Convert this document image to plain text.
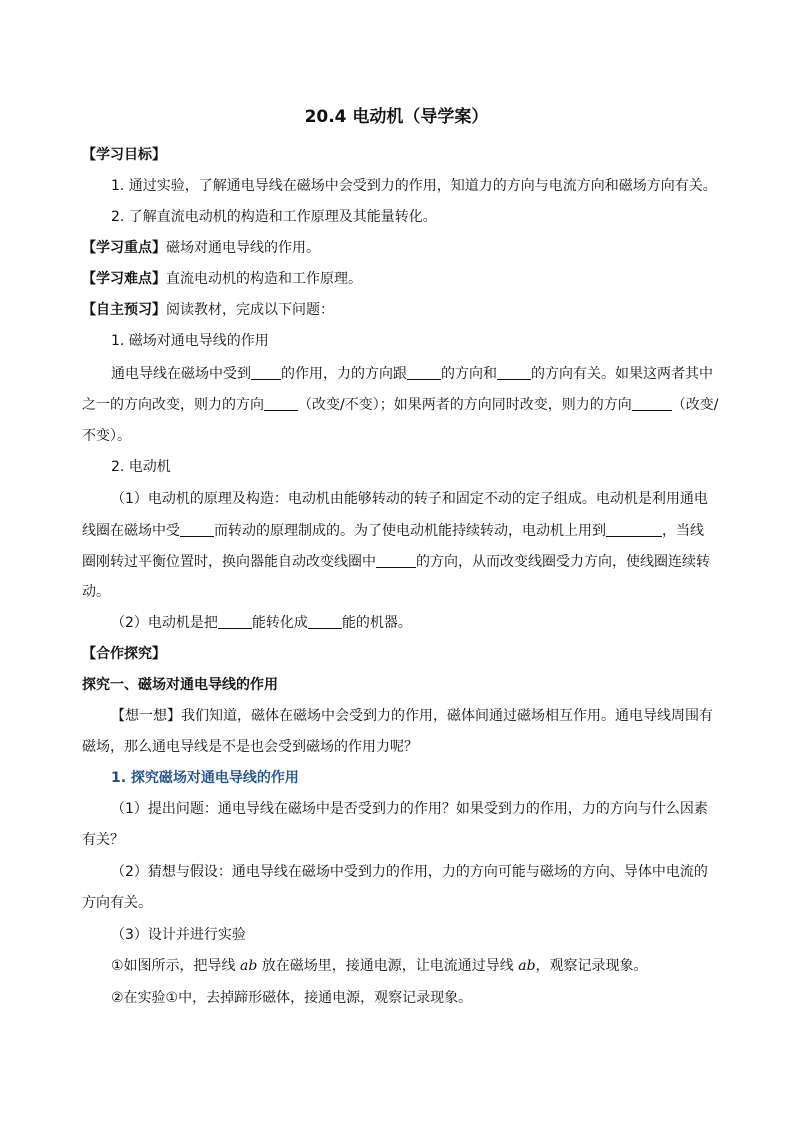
20.4 电动机（导学案）
【学习目标】
1. 通过实验，了解通电导线在磁场中会受到力的作用，知道力的方向与电流方向和磁场方向有关。
2. 了解直流电动机的构造和工作原理及其能量转化。
【学习重点】磁场对通电导线的作用。
【学习难点】直流电动机的构造和工作原理。
【自主预习】阅读教材，完成以下问题：
1. 磁场对通电导线的作用
通电导线在磁场中受到 的作用，力的方向跟 的方向和 的方向有关。如果这两者其中
之一的方向改变，则力的方向 （改变/不变）；如果两者的方向同时改变，则力的方向	（改变/
不变）。
2. 电动机
（1）电动机的原理及构造：电动机由能够转动的转子和固定不动的定子组成。电动机是利用通电
线圈在磁场中受 而转动的原理制成的。为了使电动机能持续转动，电动机上用到	，当线
圈刚转过平衡位置时，换向器能自动改变线圈中	的方向，从而改变线圈受力方向，使线圈连续转
动。
（2）电动机是把 能转化成 能的机器。
【合作探究】
探究一、磁场对通电导线的作用
【想一想】我们知道，磁体在磁场中会受到力的作用，磁体间通过磁场相互作用。通电导线周围有
磁场，那么通电导线是不是也会受到磁场的作用力呢？
1. 探究磁场对通电导线的作用
（1）提出问题：通电导线在磁场中是否受到力的作用？如果受到力的作用，力的方向与什么因素
有关？
（2）猜想与假设：通电导线在磁场中受到力的作用，力的方向可能与磁场的方向、导体中电流的
方向有关。
（3）设计并进行实验
①如图所示，把导线 ab 放在磁场里，接通电源，让电流通过导线 ab，观察记录现象。
②在实验①中，去掉蹄形磁体，接通电源，观察记录现象。
